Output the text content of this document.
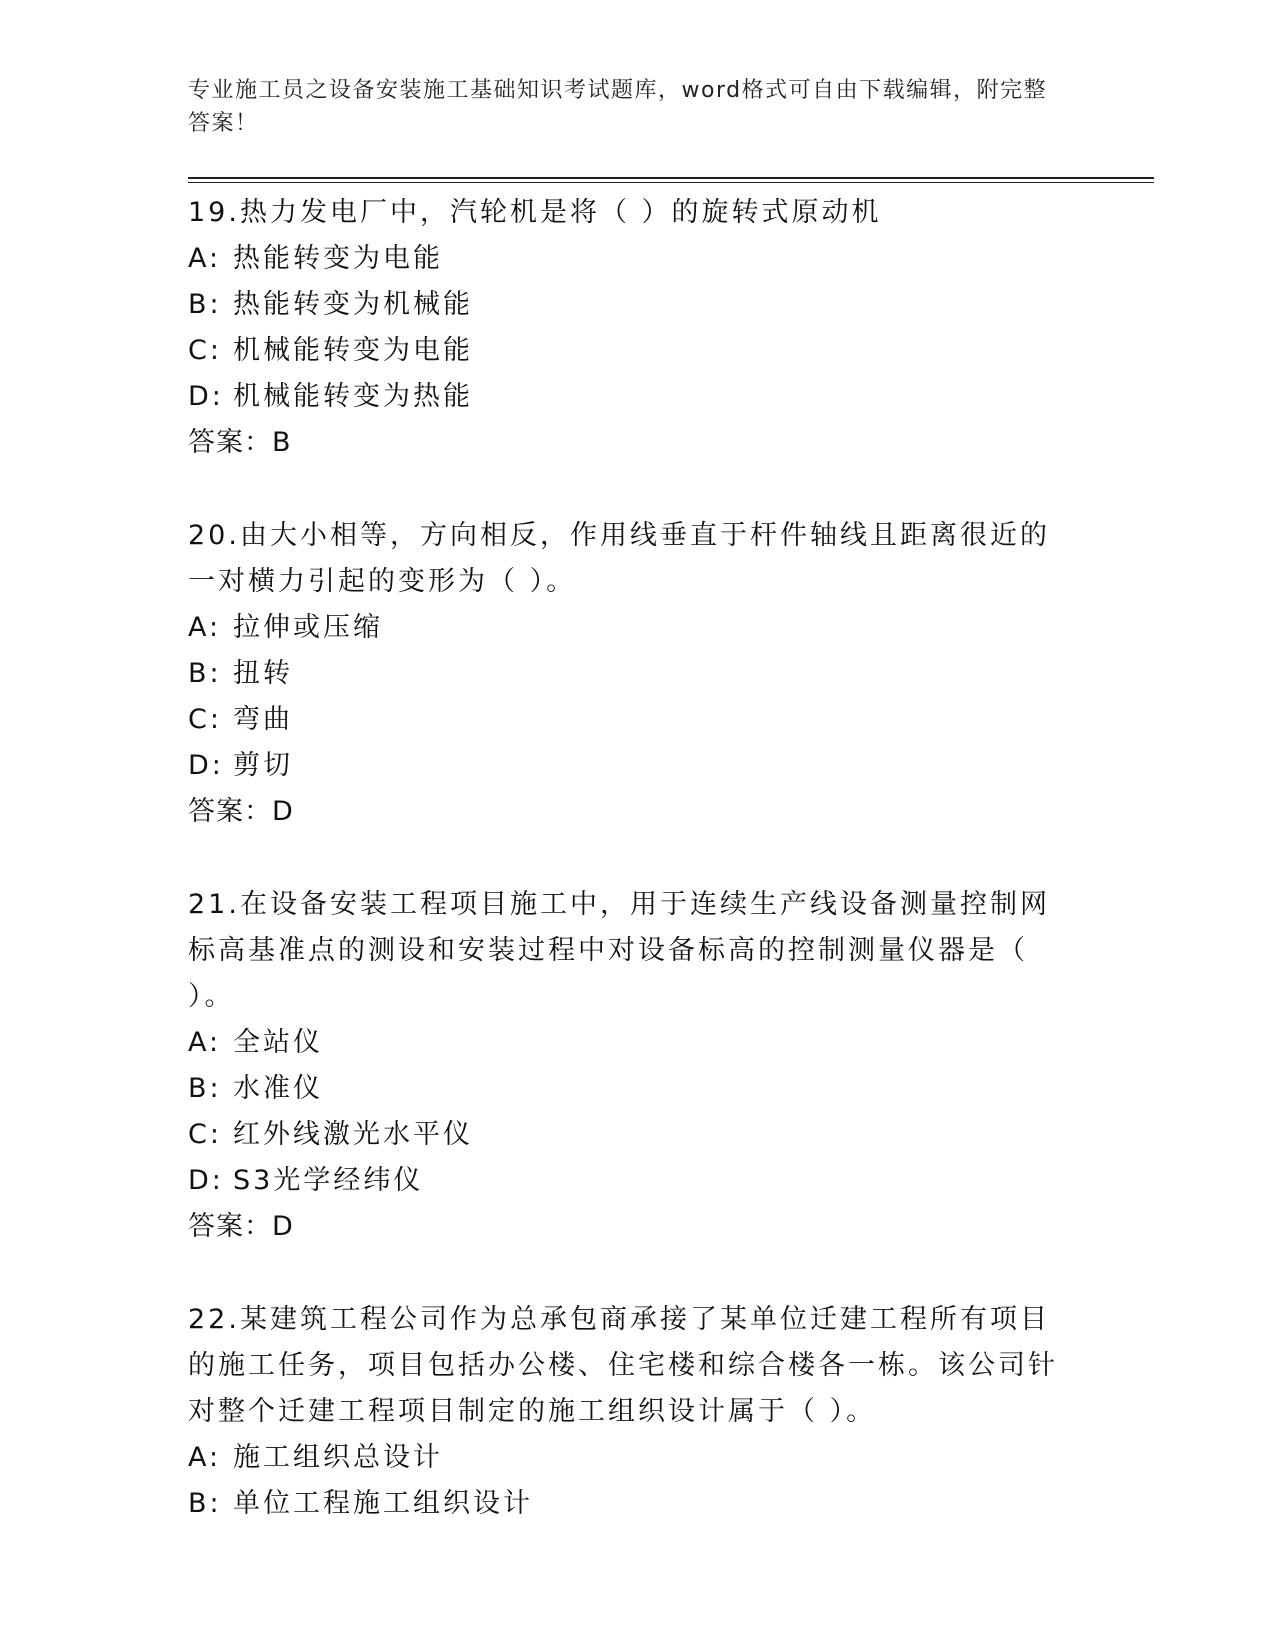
专业施工员之设备安装施工基础知识考试题库，word格式可自由下载编辑，附完整答案！
19.热力发电厂中，汽轮机是将（ ）的旋转式原动机
A: 热能转变为电能
B: 热能转变为机械能
C: 机械能转变为电能
D: 机械能转变为热能
答案：B
20.由大小相等，方向相反，作用线垂直于杆件轴线且距离很近的一对横力引起的变形为（ ）。
A: 拉伸或压缩
B: 扭转
C: 弯曲
D: 剪切
答案：D
21.在设备安装工程项目施工中，用于连续生产线设备测量控制网标高基准点的测设和安装过程中对设备标高的控制测量仪器是（ ）。
A: 全站仪
B: 水准仪
C: 红外线激光水平仪
D: S3光学经纬仪
答案：D
22.某建筑工程公司作为总承包商承接了某单位迁建工程所有项目的施工任务，项目包括办公楼、住宅楼和综合楼各一栋。该公司针对整个迁建工程项目制定的施工组织设计属于（ ）。
A: 施工组织总设计
B: 单位工程施工组织设计
